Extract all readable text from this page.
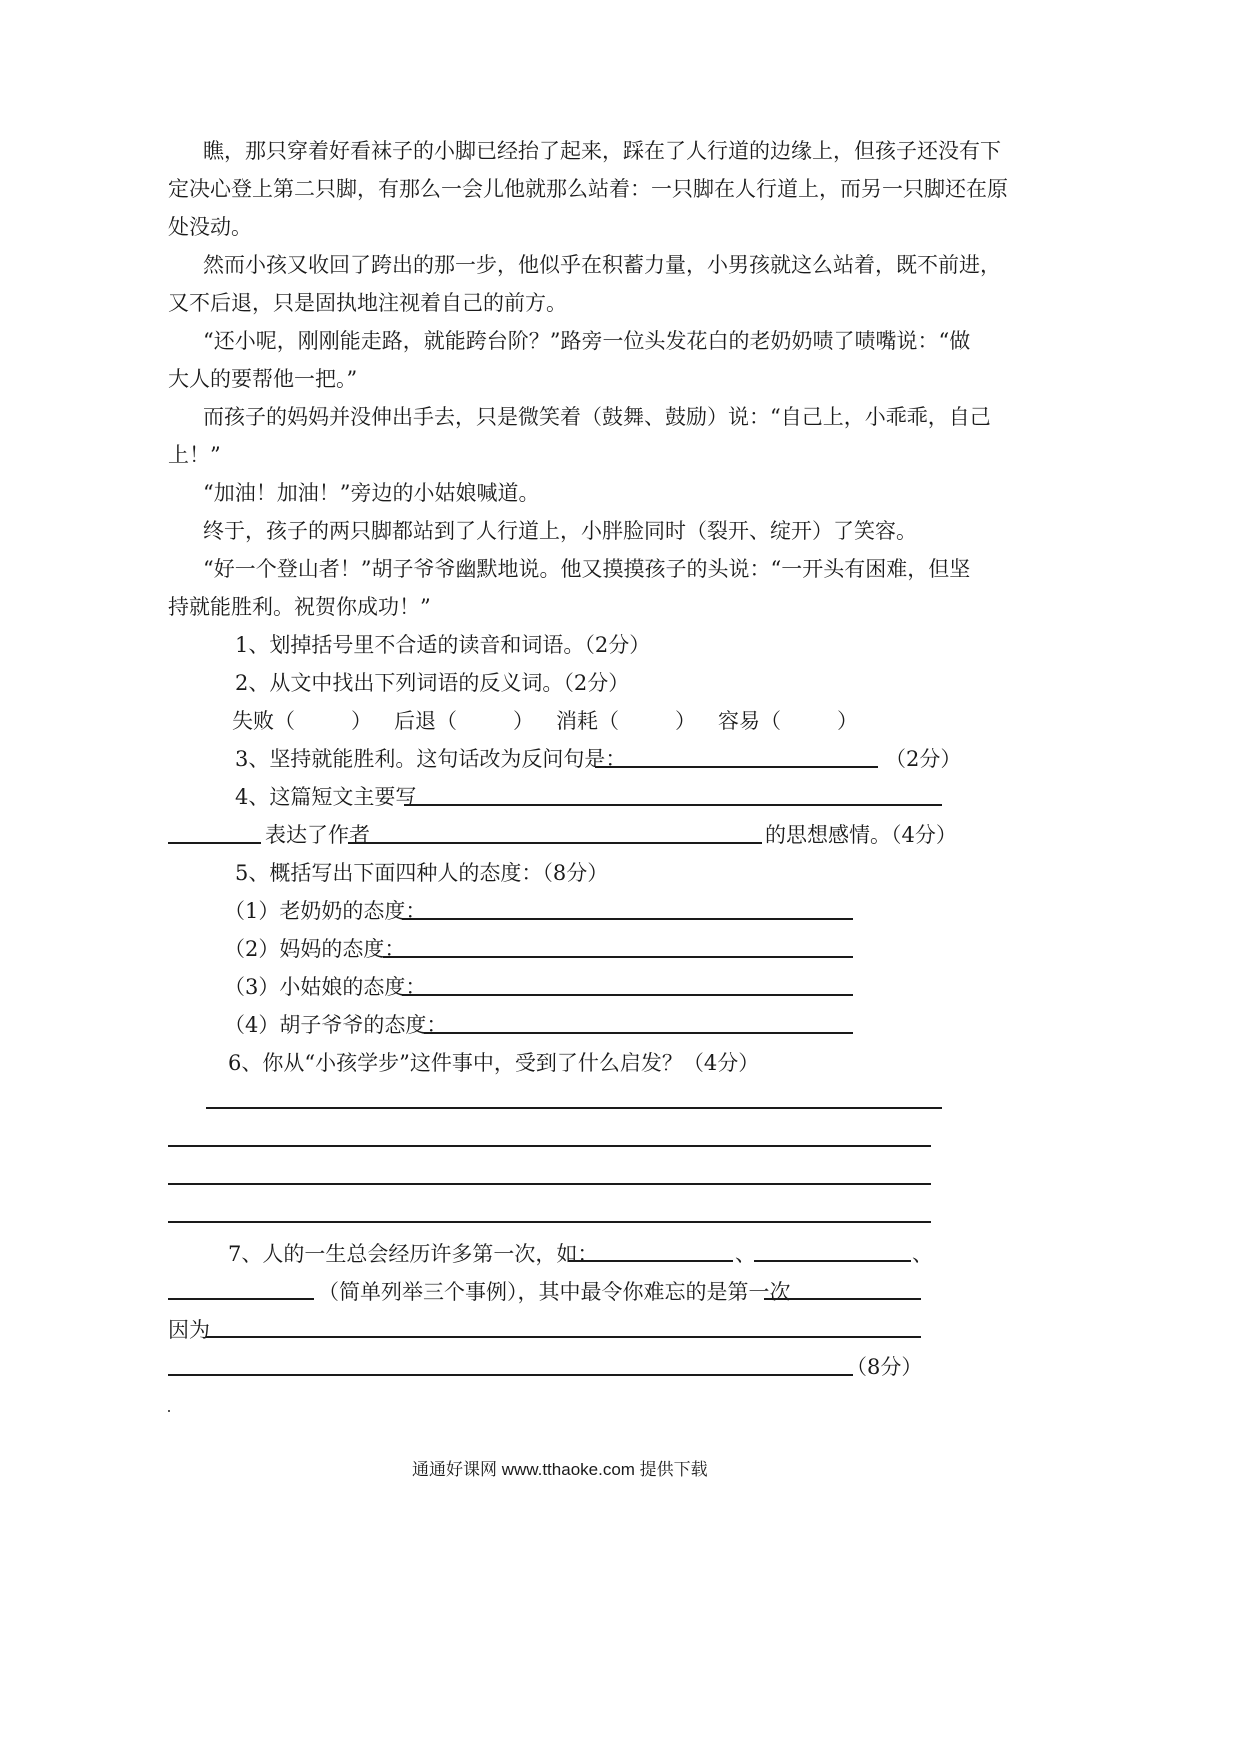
瞧，那只穿着好看袜子的小脚已经抬了起来，踩在了人行道的边缘上，但孩子还没有下
定决心登上第二只脚，有那么一会儿他就那么站着：一只脚在人行道上，而另一只脚还在原
处没动。
然而小孩又收回了跨出的那一步，他似乎在积蓄力量，小男孩就这么站着，既不前进，
又不后退，只是固执地注视着自己的前方。
“还小呢，刚刚能走路，就能跨台阶？”路旁一位头发花白的老奶奶啧了啧嘴说：“做
大人的要帮他一把。”
而孩子的妈妈并没伸出手去，只是微笑着（鼓舞、鼓励）说：“自己上，小乖乖，自己
上！”
“加油！加油！”旁边的小姑娘喊道。
终于，孩子的两只脚都站到了人行道上，小胖脸同时（裂开、绽开）了笑容。
“好一个登山者！”胡子爷爷幽默地说。他又摸摸孩子的头说：“一开头有困难，但坚
持就能胜利。祝贺你成功！”
1、划掉括号里不合适的读音和词语。（2分）
2、从文中找出下列词语的反义词。（2分）
失败（	） 后退（	） 消耗（	） 容易（	）
3、坚持就能胜利。这句话改为反问句是：	（2分）
4、这篇短文主要写
表达了作者	的思想感情。（4分）
5、概括写出下面四种人的态度：（8分）
（1）老奶奶的态度：
（2）妈妈的态度：
（3）小姑娘的态度：
（4）胡子爷爷的态度：
6、你从“小孩学步”这件事中，受到了什么启发？（4分）
7、人的一生总会经历许多第一次，如：	、	、
（简单列举三个事例），其中最令你难忘的是第一次
因为
（8分）
通通好课网 www.tthaoke.com 提供下载
